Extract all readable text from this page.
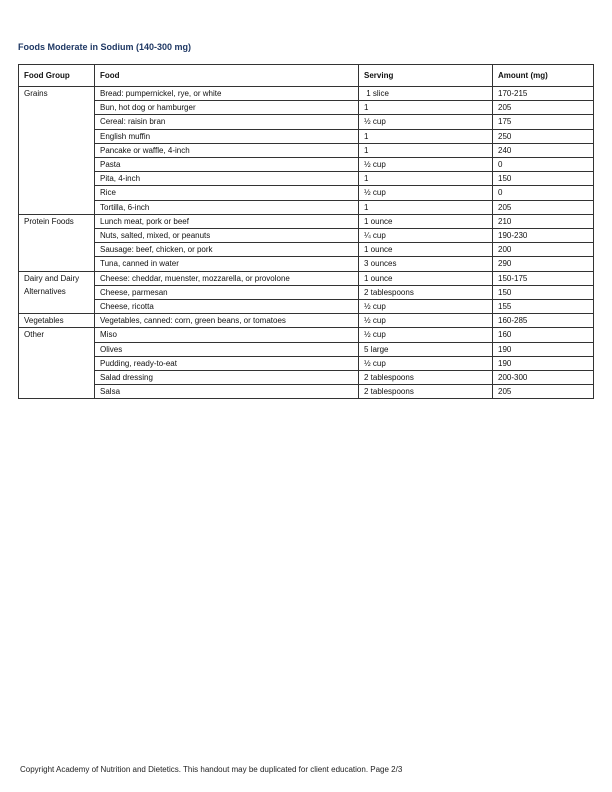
Foods Moderate in Sodium (140-300 mg)
Food Group	Food	Serving	Amount (mg)
Grains	Bread: pumpernickel, rye, or white	1 slice	170-215
	Bun, hot dog or hamburger	1	205
	Cereal: raisin bran	½ cup	175
	English muffin	1	250
	Pancake or waffle, 4-inch	1	240
	Pasta	½ cup	0
	Pita, 4-inch	1	150
	Rice	½ cup	0
	Tortilla, 6-inch	1	205
Protein Foods	Lunch meat, pork or beef	1 ounce	210
	Nuts, salted, mixed, or peanuts	¼ cup	190-230
	Sausage: beef, chicken, or pork	1 ounce	200
	Tuna, canned in water	3 ounces	290
Dairy and Dairy Alternatives	Cheese: cheddar, muenster, mozzarella, or provolone	1 ounce	150-175
	Cheese, parmesan	2 tablespoons	150
	Cheese, ricotta	½ cup	155
Vegetables	Vegetables, canned: corn, green beans, or tomatoes	½ cup	160-285
Other	Miso	½ cup	160
	Olives	5 large	190
	Pudding, ready-to-eat	½ cup	190
	Salad dressing	2 tablespoons	200-300
	Salsa	2 tablespoons	205
Copyright Academy of Nutrition and Dietetics. This handout may be duplicated for client education. Page 2/3
